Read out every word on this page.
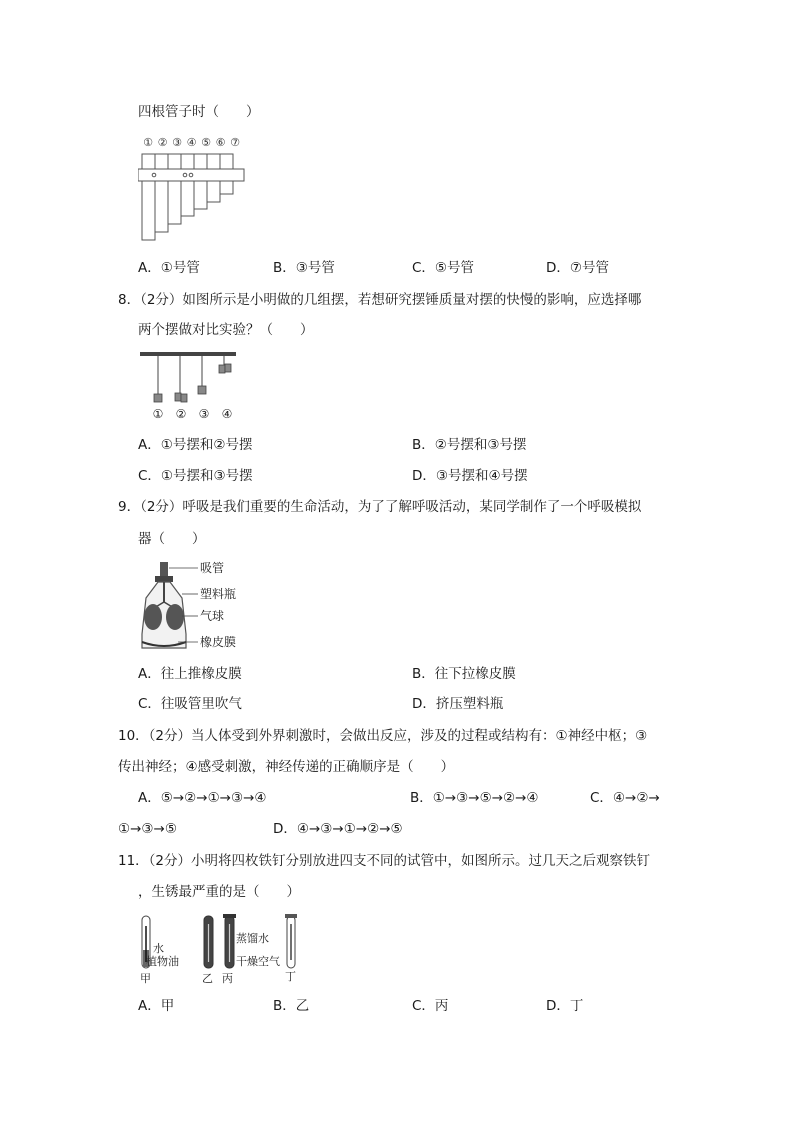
四根管子时（　　）
① ② ③ ④ ⑤ ⑥ ⑦
A．①号管	B．③号管	C．⑤号管	D．⑦号管
8．（2分）如图所示是小明做的几组摆，若想研究摆锤质量对摆的快慢的影响，应选择哪
两个摆做对比实验？（　　）
① ② ③ ④
A．①号摆和②号摆	B．②号摆和③号摆
C．①号摆和③号摆	D．③号摆和④号摆
9．（2分）呼吸是我们重要的生命活动，为了了解呼吸活动，某同学制作了一个呼吸模拟
器（　　）
吸管
塑料瓶
气球
橡皮膜
A．往上推橡皮膜	B．往下拉橡皮膜
C．往吸管里吹气	D．挤压塑料瓶
10．（2分）当人体受到外界刺激时，会做出反应，涉及的过程或结构有：①神经中枢；③
传出神经；④感受刺激，神经传递的正确顺序是（　　）
A．⑤→②→①→③→④	B．①→③→⑤→②→④	C．④→②→
①→③→⑤	D．④→③→①→②→⑤
11．（2分）小明将四枚铁钉分别放进四支不同的试管中，如图所示。过几天之后观察铁钉
，生锈最严重的是（　　）
水
植物油
蒸馏水
干燥空气
甲	乙 丙	丁
A．甲	B．乙	C．丙	D．丁
